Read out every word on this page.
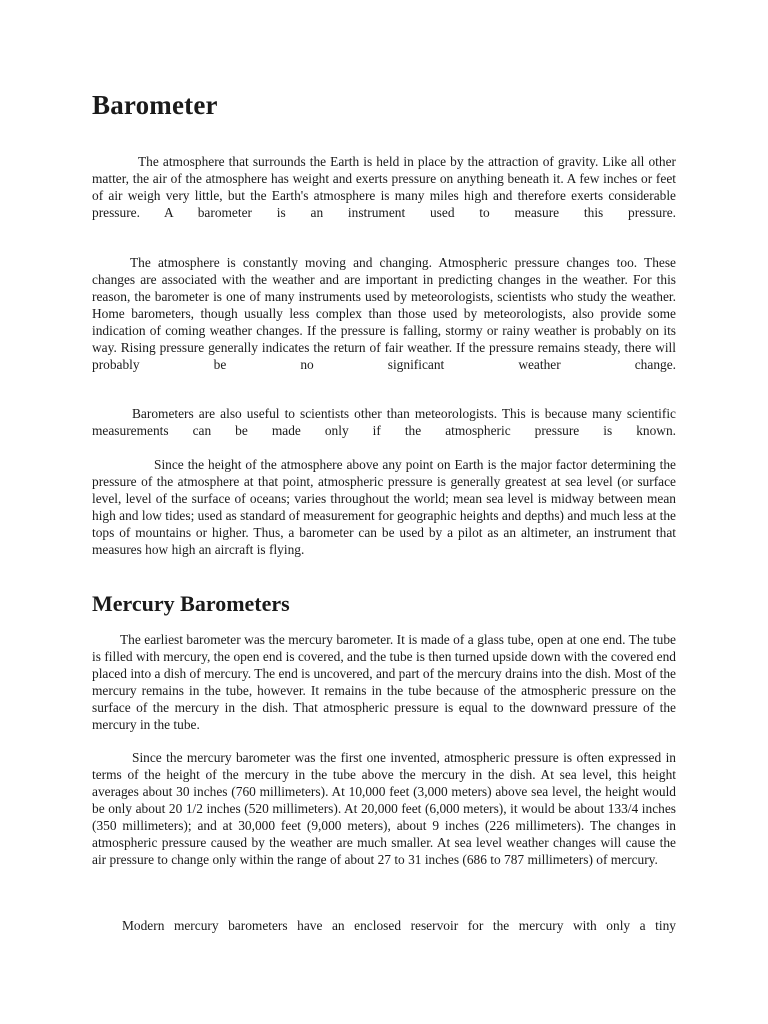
Barometer

The atmosphere that surrounds the Earth is held in place by the attraction of gravity. Like all other matter, the air of the atmosphere has weight and exerts pressure on anything beneath it. A few inches or feet of air weigh very little, but the Earth's atmosphere is many miles high and therefore exerts considerable pressure. A barometer is an instrument used to measure this pressure.

The atmosphere is constantly moving and changing. Atmospheric pressure changes too. These changes are associated with the weather and are important in predicting changes in the weather. For this reason, the barometer is one of many instruments used by meteorologists, scientists who study the weather. Home barometers, though usually less complex than those used by meteorologists, also provide some indication of coming weather changes. If the pressure is falling, stormy or rainy weather is probably on its way. Rising pressure generally indicates the return of fair weather. If the pressure remains steady, there will probably be no significant weather change.

Barometers are also useful to scientists other than meteorologists. This is because many scientific measurements can be made only if the atmospheric pressure is known.

Since the height of the atmosphere above any point on Earth is the major factor determining the pressure of the atmosphere at that point, atmospheric pressure is generally greatest at sea level (or surface level, level of the surface of oceans; varies throughout the world; mean sea level is midway between mean high and low tides; used as standard of measurement for geographic heights and depths) and much less at the tops of mountains or higher. Thus, a barometer can be used by a pilot as an altimeter, an instrument that measures how high an aircraft is flying.

Mercury Barometers

The earliest barometer was the mercury barometer. It is made of a glass tube, open at one end. The tube is filled with mercury, the open end is covered, and the tube is then turned upside down with the covered end placed into a dish of mercury. The end is uncovered, and part of the mercury drains into the dish. Most of the mercury remains in the tube, however. It remains in the tube because of the atmospheric pressure on the surface of the mercury in the dish. That atmospheric pressure is equal to the downward pressure of the mercury in the tube.

Since the mercury barometer was the first one invented, atmospheric pressure is often expressed in terms of the height of the mercury in the tube above the mercury in the dish. At sea level, this height averages about 30 inches (760 millimeters). At 10,000 feet (3,000 meters) above sea level, the height would be only about 20 1/2 inches (520 millimeters). At 20,000 feet (6,000 meters), it would be about 133/4 inches (350 millimeters); and at 30,000 feet (9,000 meters), about 9 inches (226 millimeters). The changes in atmospheric pressure caused by the weather are much smaller. At sea level weather changes will cause the air pressure to change only within the range of about 27 to 31 inches (686 to 787 millimeters) of mercury.

Modern mercury barometers have an enclosed reservoir for the mercury with only a tiny
